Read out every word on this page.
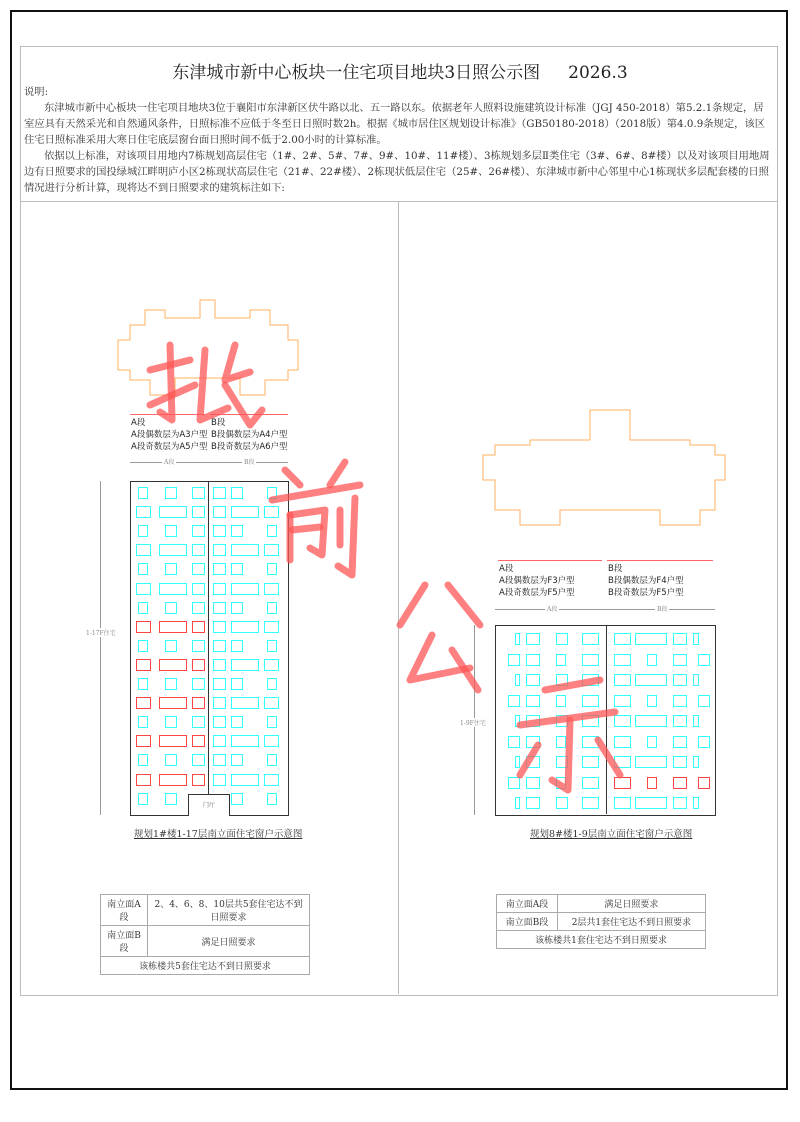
东津城市新中心板块一住宅项目地块3日照公示图 2026.3
说明:

东津城市新中心板块一住宅项目地块3位于襄阳市东津新区伏牛路以北、五一路以东。依据老年人照料设施建筑设计标准（JGJ 450-2018）第5.2.1条规定，居室应具有天然采光和自然通风条件，日照标准不应低于冬至日日照时数2h。根据《城市居住区规划设计标准》（GB50180-2018）（2018版）第4.0.9条规定，该区住宅日照标准采用大寒日住宅底层窗台面日照时间不低于2.00小时的计算标准。

依据以上标准，对该项目用地内7栋规划高层住宅（1#、2#、5#、7#、9#、10#、11#楼）、3栋规划多层Ⅱ类住宅（3#、6#、8#楼）以及对该项目用地周边有日照要求的国投绿城江畔明庐小区2栋现状高层住宅（21#、22#楼）、2栋现状低层住宅（25#、26#楼）、东津城市新中心邻里中心1栋现状多层配套楼的日照情况进行分析计算，现将达不到日照要求的建筑标注如下:

A段
A段偶数层为A3户型
A段奇数层为A5户型
B段
B段偶数层为A4户型
B段奇数层为A6户型
A段	B段
1-17F住宅
门厅
规划1#楼1-17层南立面住宅窗户示意图
南立面A段	2、4、6、8、10层共5套住宅达不到日照要求
南立面B段	满足日照要求
该栋楼共5套住宅达不到日照要求	
A段
A段偶数层为F3户型
A段奇数层为F5户型
B段
B段偶数层为F4户型
B段奇数层为F5户型
A段	B段
1-9F住宅
规划8#楼1-9层南立面住宅窗户示意图
南立面A段	满足日照要求
南立面B段	2层共1套住宅达不到日照要求
该栋楼共1套住宅达不到日照要求	
